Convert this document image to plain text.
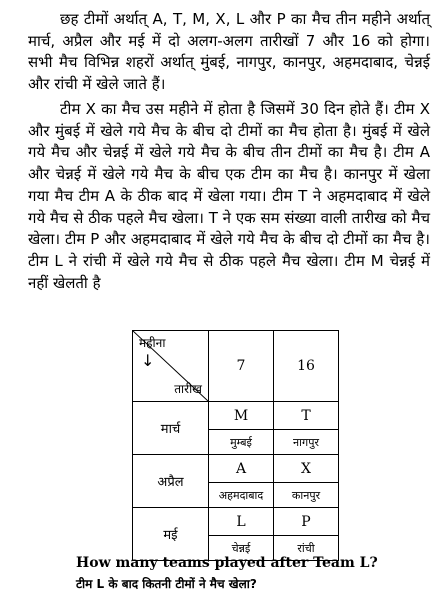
छह टीमों अर्थात् A, T, M, X, L और P का मैच तीन महीने अर्थात् मार्च, अप्रैल और मई में दो अलग-अलग तारीखों 7 और 16 को होगा। सभी मैच विभिन्न शहरों अर्थात् मुंबई, नागपुर, कानपुर, अहमदाबाद, चेन्नई और रांची में खेले जाते हैं।

टीम X का मैच उस महीने में होता है जिसमें 30 दिन होते हैं। टीम X और मुंबई में खेले गये मैच के बीच दो टीमों का मैच होता है। मुंबई में खेले गये मैच और चेन्नई में खेले गये मैच के बीच तीन टीमों का मैच है। टीम A और चेन्नई में खेले गये मैच के बीच एक टीम का मैच है। कानपुर में खेला गया मैच टीम A के ठीक बाद में खेला गया। टीम T ने अहमदाबाद में खेले गये मैच से ठीक पहले मैच खेला। T ने एक सम संख्या वाली तारीख को मैच खेला। टीम P और अहमदाबाद में खेले गये मैच के बीच दो टीमों का मैच है। टीम L ने रांची में खेले गये मैच से ठीक पहले मैच खेला। टीम M चेन्नई में नहीं खेलती है

महीना
↓
तारीख	7	16
मार्च	M	T
	मुम्बई	नागपुर
अप्रैल	A	X
	अहमदाबाद	कानपुर
मई	L	P
	चेन्नई	रांची

How many teams played after Team L?

टीम L के बाद कितनी टीमों ने मैच खेला?
